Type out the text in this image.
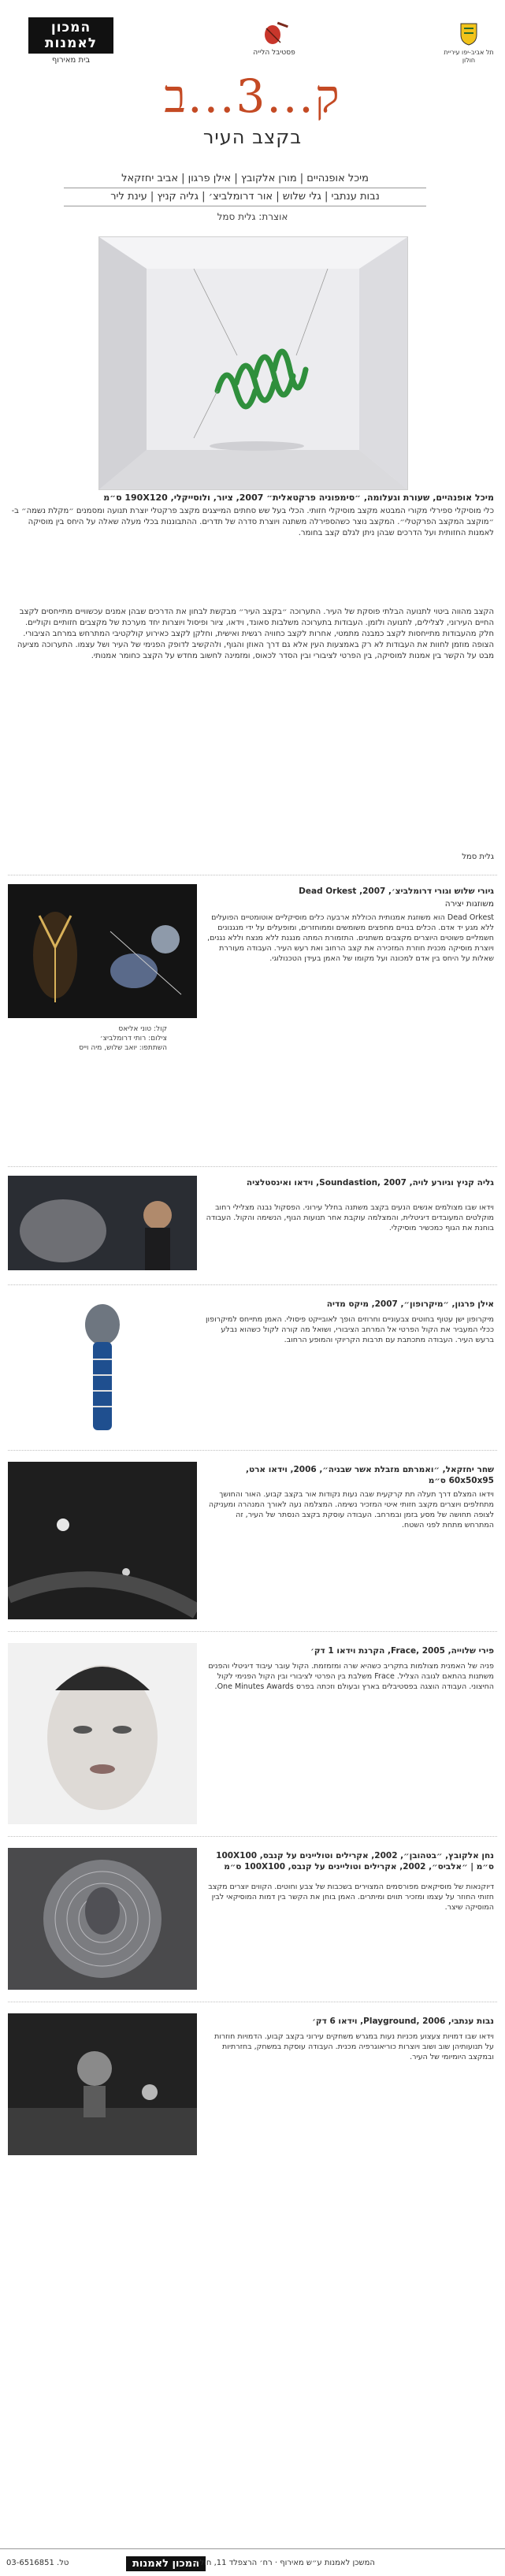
המכון לאמנות
בית מאירוף
פסטיבל הלייה	תל אביב-יפו עיריית חולון
ק...3...ב
בקצב העיר
מיכל אופנהיים | מורן אלקובץ | אילן פרגון | אביב יחזקאל
נבות ענתבי | גלי שלוש | אור דרומלביצ׳ | גליה קניץ | עינת ליר
אוצרת: גלית סמל
מיכל אופנהיים, שעורת וגעלומה, ״סימפוניה פרקטאלית״ 2007, ציור, ולוסייקלי, 190X120 ס״מ
כלי מוסיקלי ספירלי מקורי המבטא מקצב מוסיקלי חזותי. הכלי בעל שש סחתים המייצגים מקצב פרקטלי יוצרת תנועה ומסמנים ״מקלת נשמה״ ב- ״מוקצב המקצב הפרקטלי״. המקצב נוצר כשהספירלה משתנה ויוצרת סדרה של תדרים. ההתבוננות בכלי מעלה שאלה על היחס בין מוסיקה לאמנות החזותית ועל הדרכים שבהן ניתן לגלם קצב בחומר.
הקצב מהווה ביטוי לתנועה הבלתי פוסקת של העיר. התערוכה ״בקצב העיר״ מבקשת לבחון את הדרכים שבהן אמנים עכשוויים מתייחסים לקצב החיים העירוני, לצלילים, לתנועה ולזמן. העבודות בתערוכה משלבות סאונד, וידאו, ציור ופיסול ויוצרות יחד מערכת של מקצבים חזותיים וקוליים. חלק מהעבודות מתייחסות לקצב כמבנה מתמטי, אחרות לקצב כחוויה רגשית ואישית, וחלקן לקצב כאירוע קולקטיבי המתרחש במרחב הציבורי. הצופה מוזמן לחוות את העבודות לא רק באמצעות העין אלא גם דרך האוזן והגוף, ולהקשיב לדופק הפנימי של העיר ושל עצמו. התערוכה מציעה מבט על הקשר בין אמנות למוסיקה, בין הפרטי לציבורי ובין הסדר לכאוס, ומזמינה לחשוב מחדש על הקצב כחומר אמנותי.
גלית סמל
גיורי שלוש וגורי דרומלביצ׳, 2007, Dead Orkest
משוזגות יצירה
Dead Orkest הוא משוזגת אמנותית הכוללת ארבעה כלים מוסיקליים אוטומטיים הפועלים ללא מגע יד אדם. הכלים בנויים מחפצים משומשים וממוחזרים, ומופעלים על ידי מנגנונים חשמליים פשוטים היוצרים מקצבים משתנים. התזמורת המתה מנגנת ללא מנצח וללא נגנים, ויוצרת מוסיקה מכנית חוזרת המזכירה את קצב הרחוב ואת רעש העיר. העבודה מעוררת שאלות על היחס בין אדם למכונה ועל מקומו של האמן בעידן הטכנולוגי.
קול: טוני אליאס
צילום: רותי דרומלביצ׳
השתתפו: יואב שלוש, מיה וייס
גליה קניץ וגיורע לויה, Soundastion, 2007, וידאו ואינסטלציה
וידאו שבו מצולמים אנשים הנעים בקצב משתנה בחלל עירוני. הפסקול נבנה מצלילי רחוב מוקלטים המעובדים דיגיטלית, והמצלמה עוקבת אחר תנועות הגוף, הנשימה והקול. העבודה בוחנת את הגוף כמכשיר מוסיקלי.
אילן פרגון, ״מיקרופון״, 2007, מיקס מדיה
מיקרופון ישן עטוף בחוטים צבעוניים וחרוזים הופך לאובייקט פיסולי. האמן מתייחס למיקרופון ככלי המעביר את הקול הפרטי אל המרחב הציבורי, ושואל מה קורה לקול כשהוא נבלע ברעש העיר. העבודה מתכתבת עם תרבות הקריוקי והמופע הרחוב.
שחר יחזקאל, ״ואמרתם מזבלת אשר שבניה״, 2006, וידאו ארט, 60x50x95 ס״מ
וידאו המצלם דרך תעלה תת קרקעית שבה נעות נקודות אור בקצב קבוע. האור והחושך מתחלפים ויוצרים מקצב חזותי איטי המזכיר נשימה. המצלמה נעה לאורך המנהרה ומעניקה לצופה תחושה של מסע בזמן ובמרחב. העבודה עוסקת בקצב הנסתר של העיר, זה המתרחש מתחת לפני השטח.
פירי שלוייה, Frace, 2005, הקרנת וידאו 1 דק׳
פניה של האמנית מצולמות בתקריב כשהיא שרה ומזמזמת. הקול עובר עיבוד דיגיטלי והפנים משתנות בהתאם לגובה הצליל. Frace משלבת בין הפרטי לציבורי ובין הקול הפנימי לקול החיצוני. העבודה הוצגה בפסטיבלים בארץ ובעולם וזכתה בפרס One Minutes Awards.
נחן אלקובץ, ״בטהובן״, 2002, אקרילים וטוליינים על קנבס, 100X100 ס״מ | ״אלביס״, 2002, אקרילים וטוליינים על קנבס, 100X100 ס״מ
דיוקנאות של מוסיקאים מפורסמים המצוירים בשכבות של צבע וחוטים. הקווים יוצרים מקצב חזותי החוזר על עצמו ומזכיר תווים ומיתרים. האמן בוחן את הקשר בין דמות המוסיקאי לבין המוסיקה שיצר.
נבות ענתבי, Playground, 2006, וידאו 6 דק׳
וידאו שבו דמויות צעצוע מכניות נעות במגרש משחקים עירוני בקצב קבוע. הדמויות חוזרות על תנועותיהן שוב ושוב ויוצרות כוריאוגרפיה מכנית. העבודה עוסקת במשחק, בחזרתיות ובמקצב היומיומי של העיר.
המכון לאמנות
המשכן לאמנות ע״ש מאירוף · רח׳ הרצפלד 11, חולון
טל. 03-6516851
